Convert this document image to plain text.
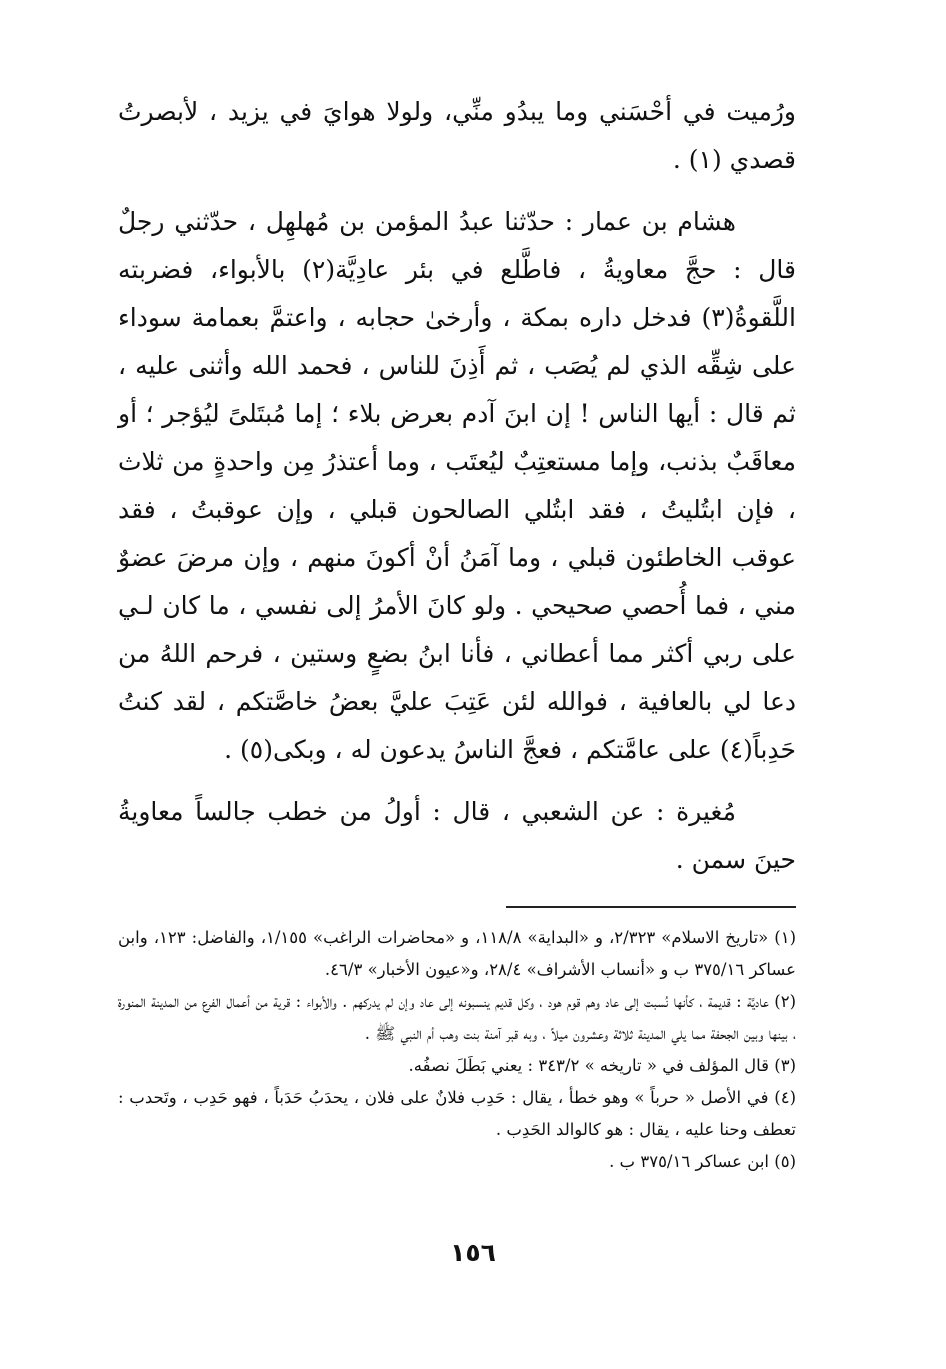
ورُميت في أحْسَني وما يبدُو منِّي، ولولا هوايَ في يزيد ، لأبصرتُ قصدي (١) .

هشام بن عمار : حدّثنا عبدُ المؤمن بن مُهلهِل ، حدّثني رجلٌ قال : حجَّ معاويةُ ، فاطَّلع في بئر عادِيَّة(٢) بالأبواء، فضربته اللَّقوةُ(٣) فدخل داره بمكة ، وأرخىٰ حجابه ، واعتمَّ بعمامة سوداء على شِقِّه الذي لم يُصَب ، ثم أَذِنَ للناس ، فحمد الله وأثنى عليه ، ثم قال : أيها الناس ! إن ابنَ آدم بعرض بلاء ؛ إما مُبتَلىً ليُؤجر ؛ أو معاقَبٌ بذنب، وإما مستعتِبٌ ليُعتَب ، وما أعتذرُ مِن واحدةٍ من ثلاث ، فإن ابتُليتُ ، فقد ابتُلي الصالحون قبلي ، وإن عوقبتُ ، فقد عوقب الخاطئون قبلي ، وما آمَنُ أنْ أكونَ منهم ، وإن مرضَ عضوٌ مني ، فما أُحصي صحيحي . ولو كانَ الأمرُ إلى نفسي ، ما كان لـي على ربي أكثر مما أعطاني ، فأنا ابنُ بضعٍ وستين ، فرحم اللهُ من دعا لي بالعافية ، فوالله لئن عَتِبَ عليَّ بعضُ خاصَّتكم ، لقد كنتُ حَدِباً(٤) على عامَّتكم ، فعجَّ الناسُ يدعون له ، وبكى(٥) .

مُغيرة : عن الشعبي ، قال : أولُ من خطب جالساً معاويةُ حينَ سمن .

(١) «تاريخ الاسلام» ٢/٣٢٣، و «البداية» ١١٨/٨، و «محاضرات الراغب» ١/١٥٥، والفاضل: ١٢٣، وابن عساكر ٣٧٥/١٦ ب و «أنساب الأشراف» ٢٨/٤، و«عيون الأخبار» ٤٦/٣.

(٢) عاديَّة : قديمة ، كأنها نُسبت إلى عاد وهم قوم هود ، وكل قديم ينسبونه إلى عاد وإن لم يدركهم . والأبواء : قرية من أعمال الفرع من المدينة المنورة ، بينها وبين الجحفة مما يلي المدينة ثلاثة وعشرون ميلاً ، وبه قبر آمنة بنت وهب أم النبي ﷺ .

(٣) قال المؤلف في « تاريخه » ٣٤٣/٢ : يعني بَطَلَ نصفُه.

(٤) في الأصل « حرباً » وهو خطأ ، يقال : حَدِب فلانٌ على فلان ، يحدَبُ حَدَباً ، فهو حَدِب ، وتَحدب : تعطف وحنا عليه ، يقال : هو كالوالد الحَدِب .

(٥) ابن عساكر ٣٧٥/١٦ ب .

١٥٦
